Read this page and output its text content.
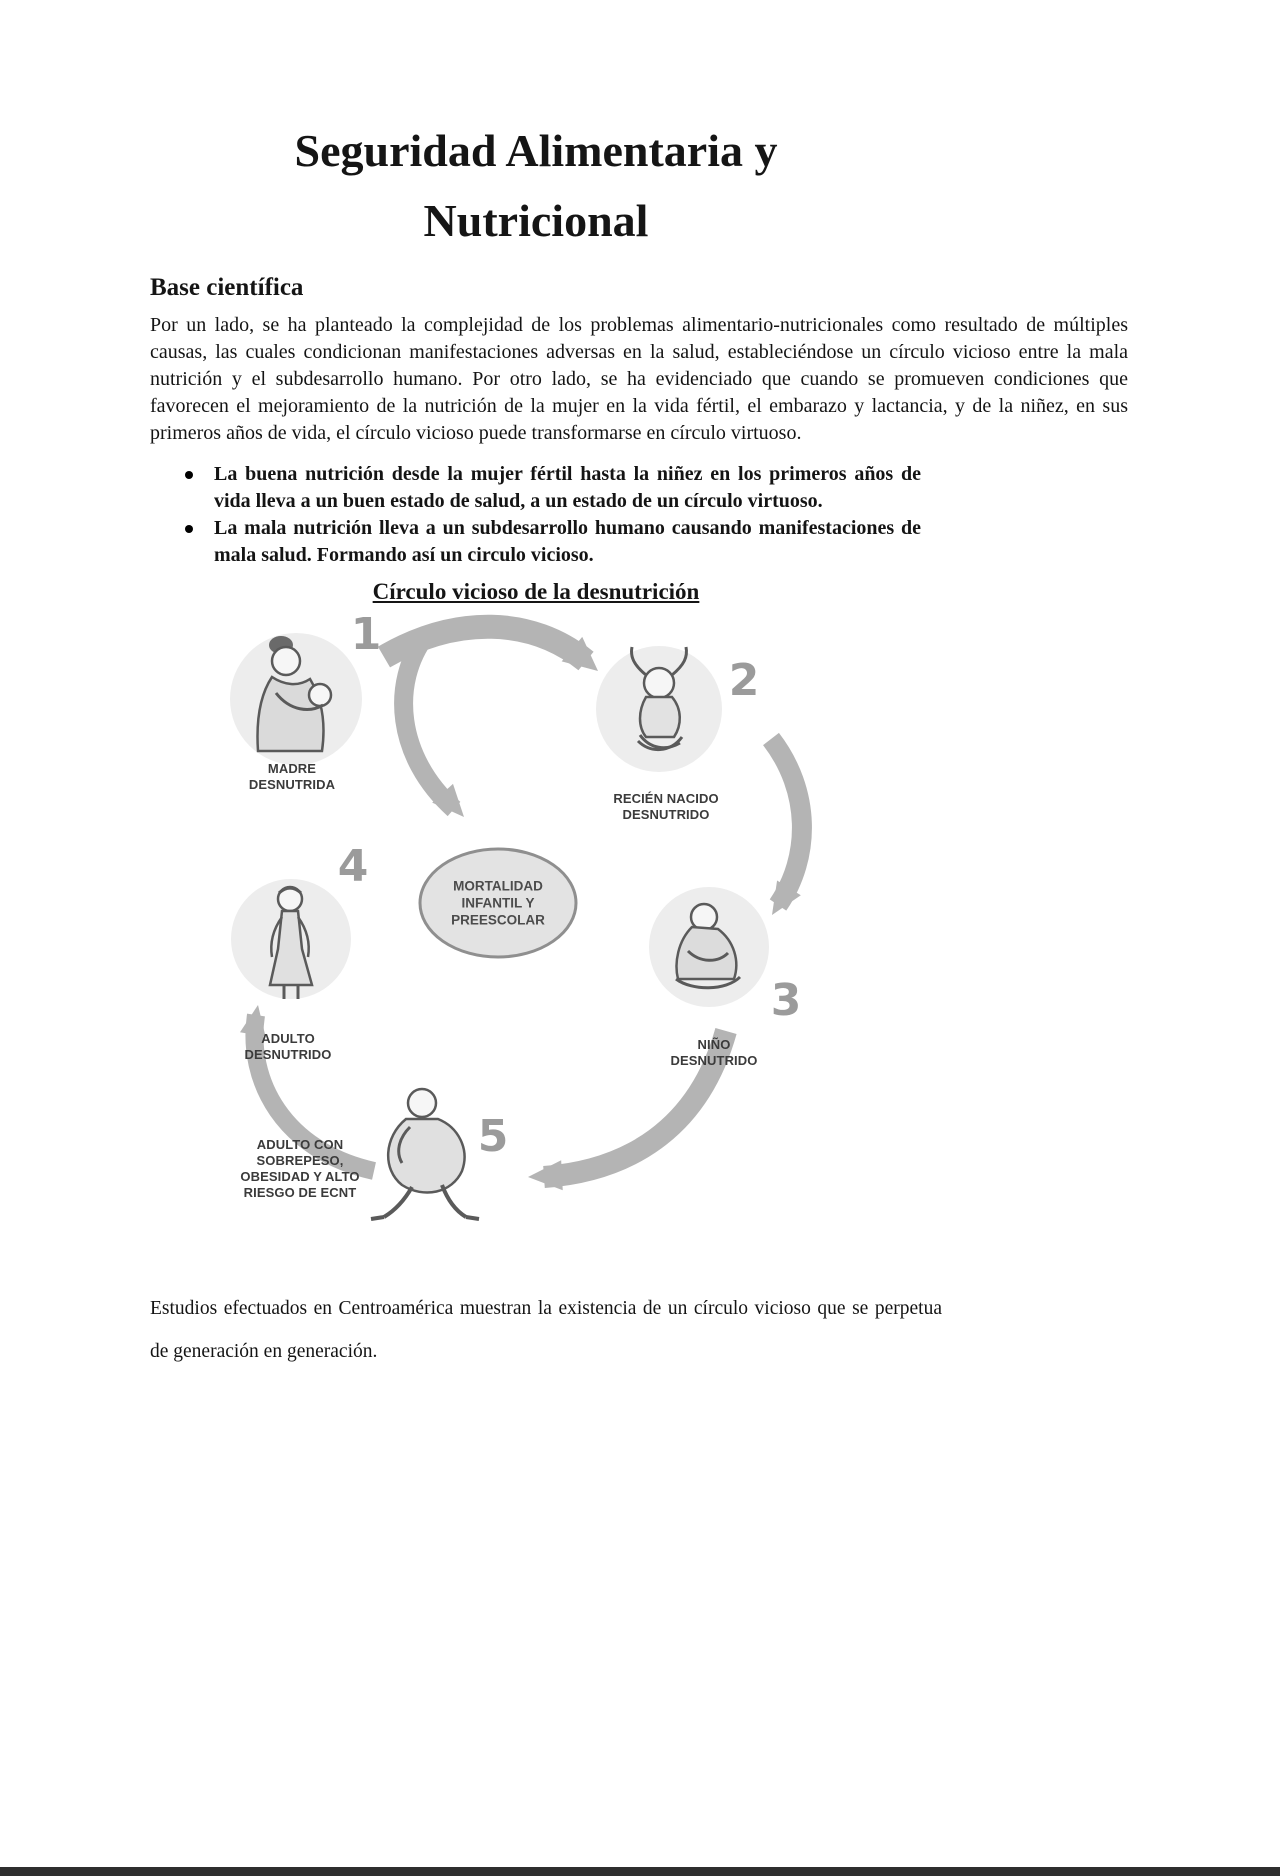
Seguridad Alimentaria y
Nutricional
Base científica

Por un lado, se ha planteado la complejidad de los problemas alimentario-nutricionales como resultado de múltiples causas, las cuales condicionan manifestaciones adversas en la salud, estableciéndose un círculo vicioso entre la mala nutrición y el subdesarrollo humano. Por otro lado, se ha evidenciado que cuando se promueven condiciones que favorecen el mejoramiento de la nutrición de la mujer en la vida fértil, el embarazo y lactancia, y de la niñez, en sus primeros años de vida, el círculo vicioso puede transformarse en círculo virtuoso.

La buena nutrición desde la mujer fértil hasta la niñez en los primeros años de vida lleva a un buen estado de salud, a un estado de un círculo virtuoso.
La mala nutrición lleva a un subdesarrollo humano causando manifestaciones de mala salud. Formando así un circulo vicioso.
Círculo vicioso de la desnutrición
1
2
3
4
5
MADRE DESNUTRIDA
RECIÉN NACIDO DESNUTRIDO
NIÑO DESNUTRIDO
ADULTO DESNUTRIDO
ADULTO CON SOBREPESO, OBESIDAD Y ALTO RIESGO DE ECNT
MORTALIDAD INFANTIL Y PREESCOLAR

Estudios efectuados en Centroamérica muestran la existencia de un círculo vicioso que se perpetua de generación en generación.
